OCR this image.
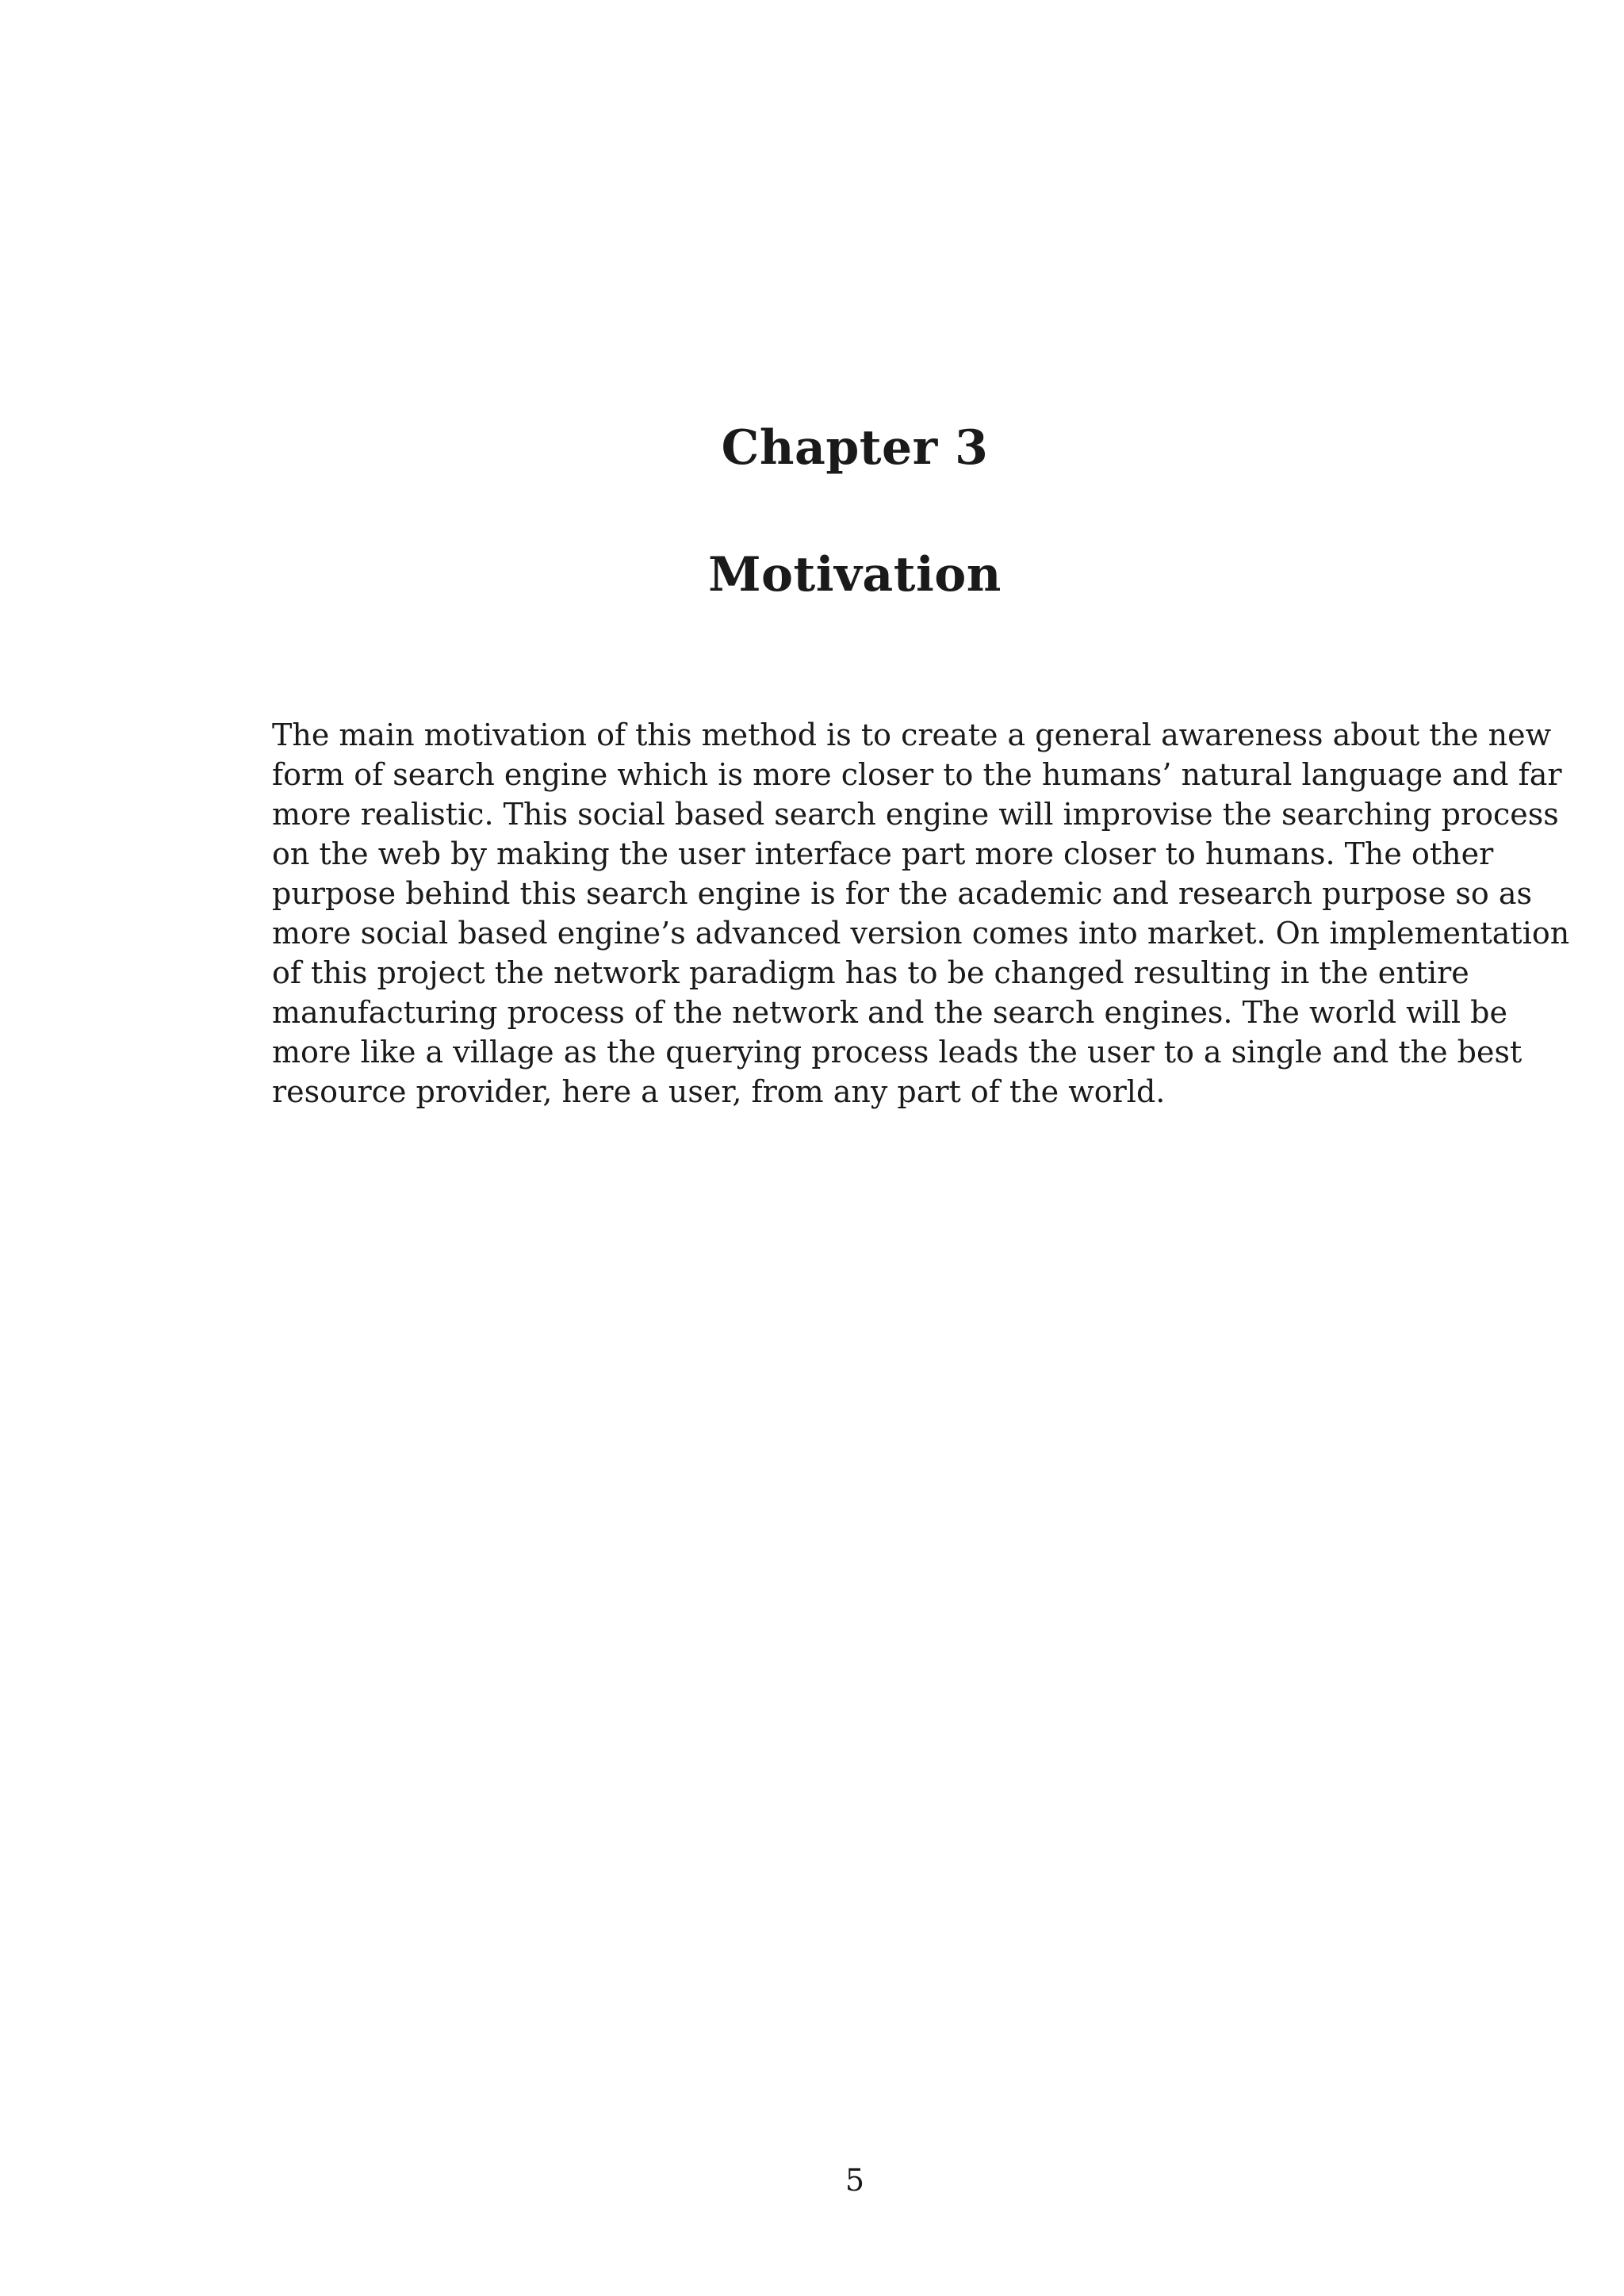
Chapter 3
Motivation
The main motivation of this method is to create a general awareness about the new
form of search engine which is more closer to the humans’ natural language and far
more realistic. This social based search engine will improvise the searching process
on the web by making the user interface part more closer to humans. The other
purpose behind this search engine is for the academic and research purpose so as
more social based engine’s advanced version comes into market. On implementation
of this project the network paradigm has to be changed resulting in the entire
manufacturing process of the network and the search engines. The world will be
more like a village as the querying process leads the user to a single and the best
resource provider, here a user, from any part of the world.
5
